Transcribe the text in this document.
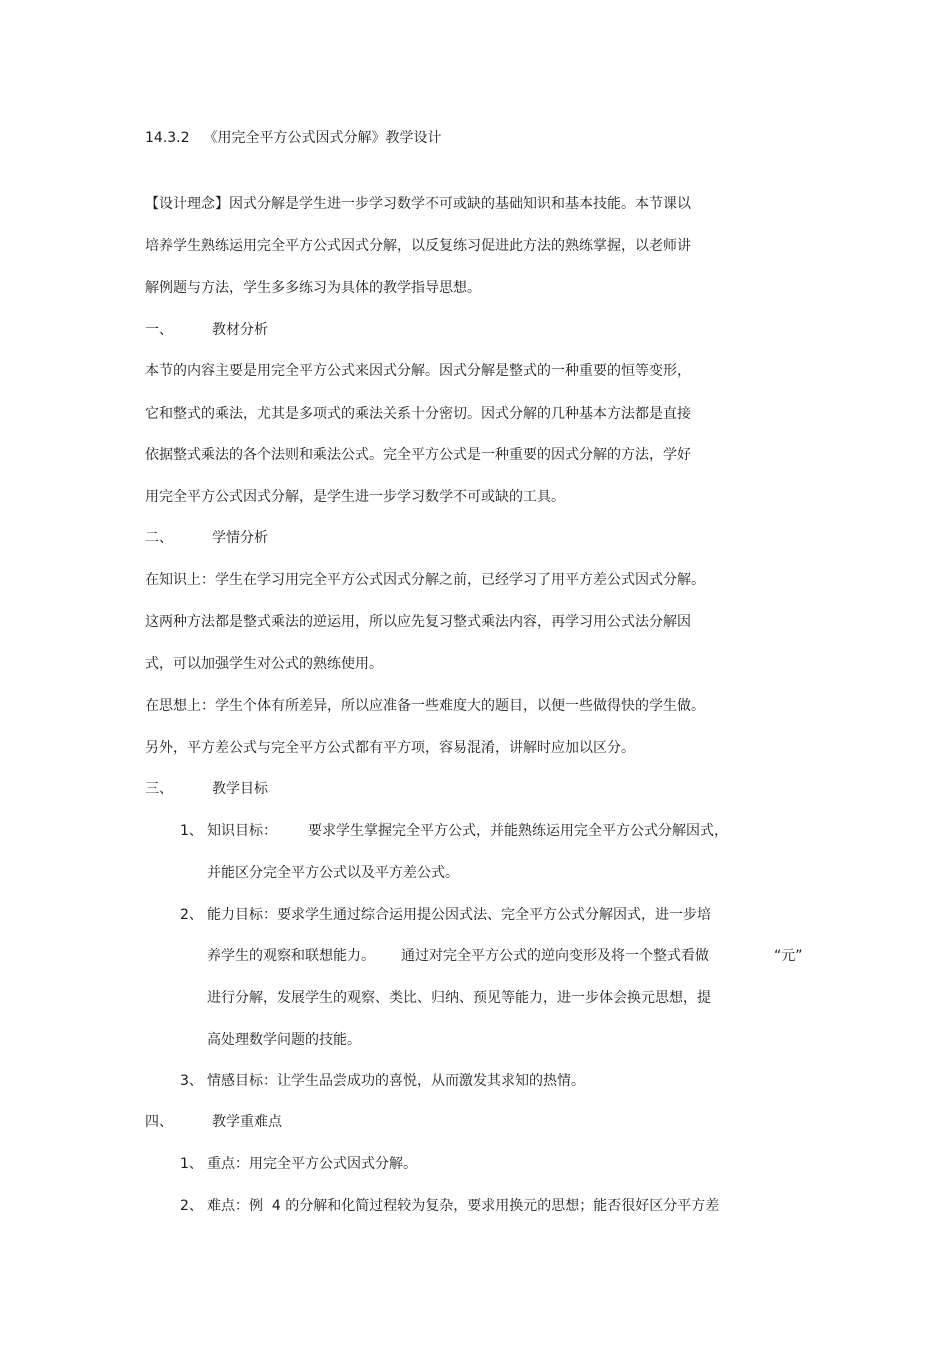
14.3.2 《用完全平方公式因式分解》教学设计
【设计理念】因式分解是学生进一步学习数学不可或缺的基础知识和基本技能。本节课以
培养学生熟练运用完全平方公式因式分解，以反复练习促进此方法的熟练掌握，以老师讲
解例题与方法，学生多多练习为具体的教学指导思想。
一、	教材分析
本节的内容主要是用完全平方公式来因式分解。因式分解是整式的一种重要的恒等变形，
它和整式的乘法，尤其是多项式的乘法关系十分密切。因式分解的几种基本方法都是直接
依据整式乘法的各个法则和乘法公式。完全平方公式是一种重要的因式分解的方法，学好
用完全平方公式因式分解，是学生进一步学习数学不可或缺的工具。
二、	学情分析
在知识上：学生在学习用完全平方公式因式分解之前，已经学习了用平方差公式因式分解。
这两种方法都是整式乘法的逆运用，所以应先复习整式乘法内容，再学习用公式法分解因
式，可以加强学生对公式的熟练使用。
在思想上：学生个体有所差异，所以应准备一些难度大的题目，以便一些做得快的学生做。
另外，平方差公式与完全平方公式都有平方项，容易混淆，讲解时应加以区分。
三、	教学目标
1、 知识目标： 要求学生掌握完全平方公式，并能熟练运用完全平方公式分解因式，
并能区分完全平方公式以及平方差公式。
2、 能力目标：要求学生通过综合运用提公因式法、完全平方公式分解因式，进一步培
养学生的观察和联想能力。 通过对完全平方公式的逆向变形及将一个整式看做	“元”
进行分解，发展学生的观察、类比、归纳、预见等能力，进一步体会换元思想，提
高处理数学问题的技能。
3、 情感目标：让学生品尝成功的喜悦，从而激发其求知的热情。
四、	教学重难点
1、 重点：用完全平方公式因式分解。
2、 难点：例  4 的分解和化简过程较为复杂，要求用换元的思想；能否很好区分平方差
